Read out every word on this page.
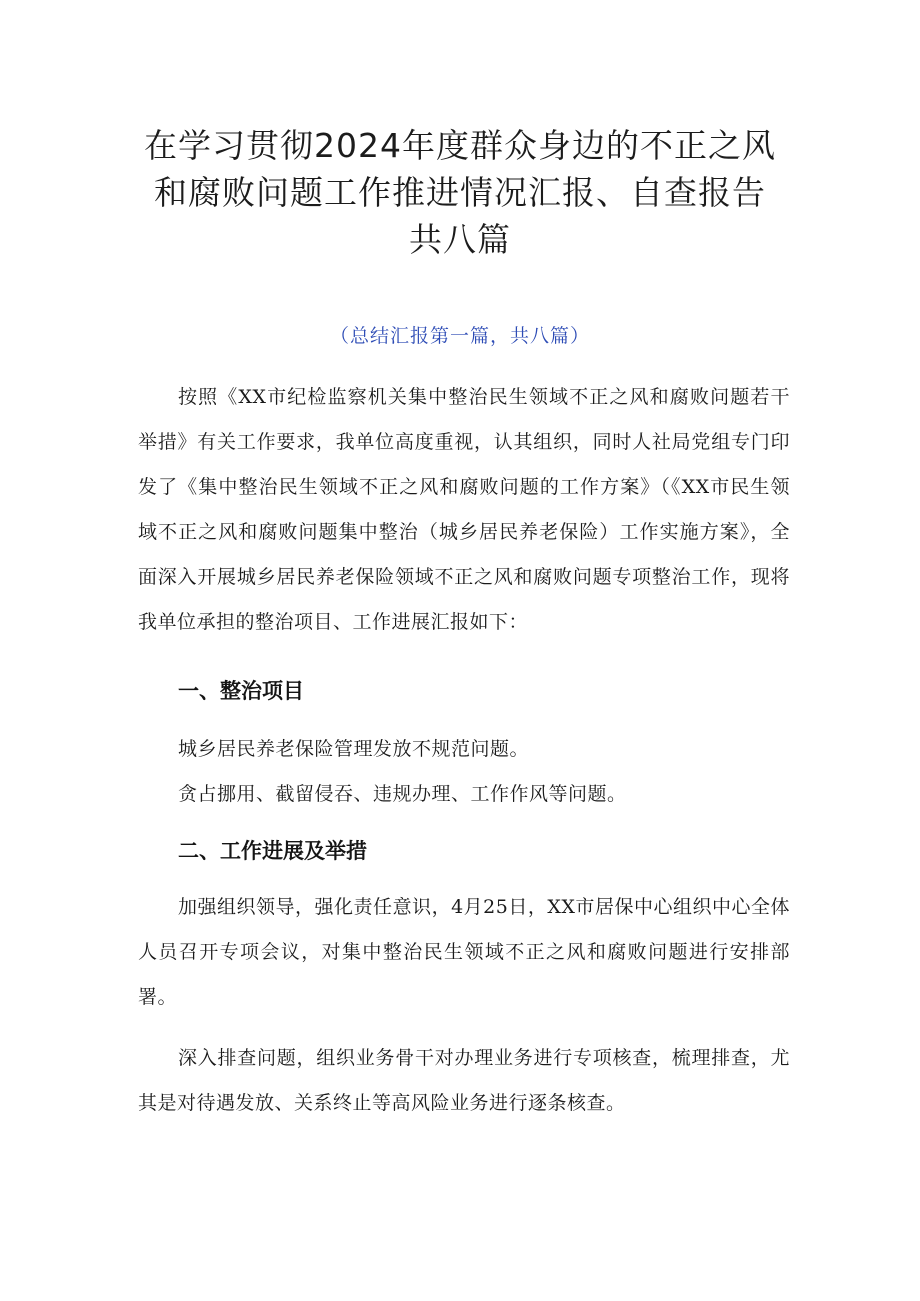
在学习贯彻2024年度群众身边的不正之风
和腐败问题工作推进情况汇报、自查报告
共八篇
（总结汇报第一篇，共八篇）

按照《XX市纪检监察机关集中整治民生领域不正之风和腐败问题若干举措》有关工作要求，我单位高度重视，认其组织，同时人社局党组专门印发了《集中整治民生领域不正之风和腐败问题的工作方案》（《XX市民生领域不正之风和腐败问题集中整治（城乡居民养老保险）工作实施方案》，全面深入开展城乡居民养老保险领域不正之风和腐败问题专项整治工作，现将我单位承担的整治项目、工作进展汇报如下：

一、整治项目

城乡居民养老保险管理发放不规范问题。

贪占挪用、截留侵吞、违规办理、工作作风等问题。

二、工作进展及举措

加强组织领导，强化责任意识，4月25日，XX市居保中心组织中心全体人员召开专项会议，对集中整治民生领域不正之风和腐败问题进行安排部署。

深入排查问题，组织业务骨干对办理业务进行专项核查，梳理排查，尤其是对待遇发放、关系终止等高风险业务进行逐条核查。
